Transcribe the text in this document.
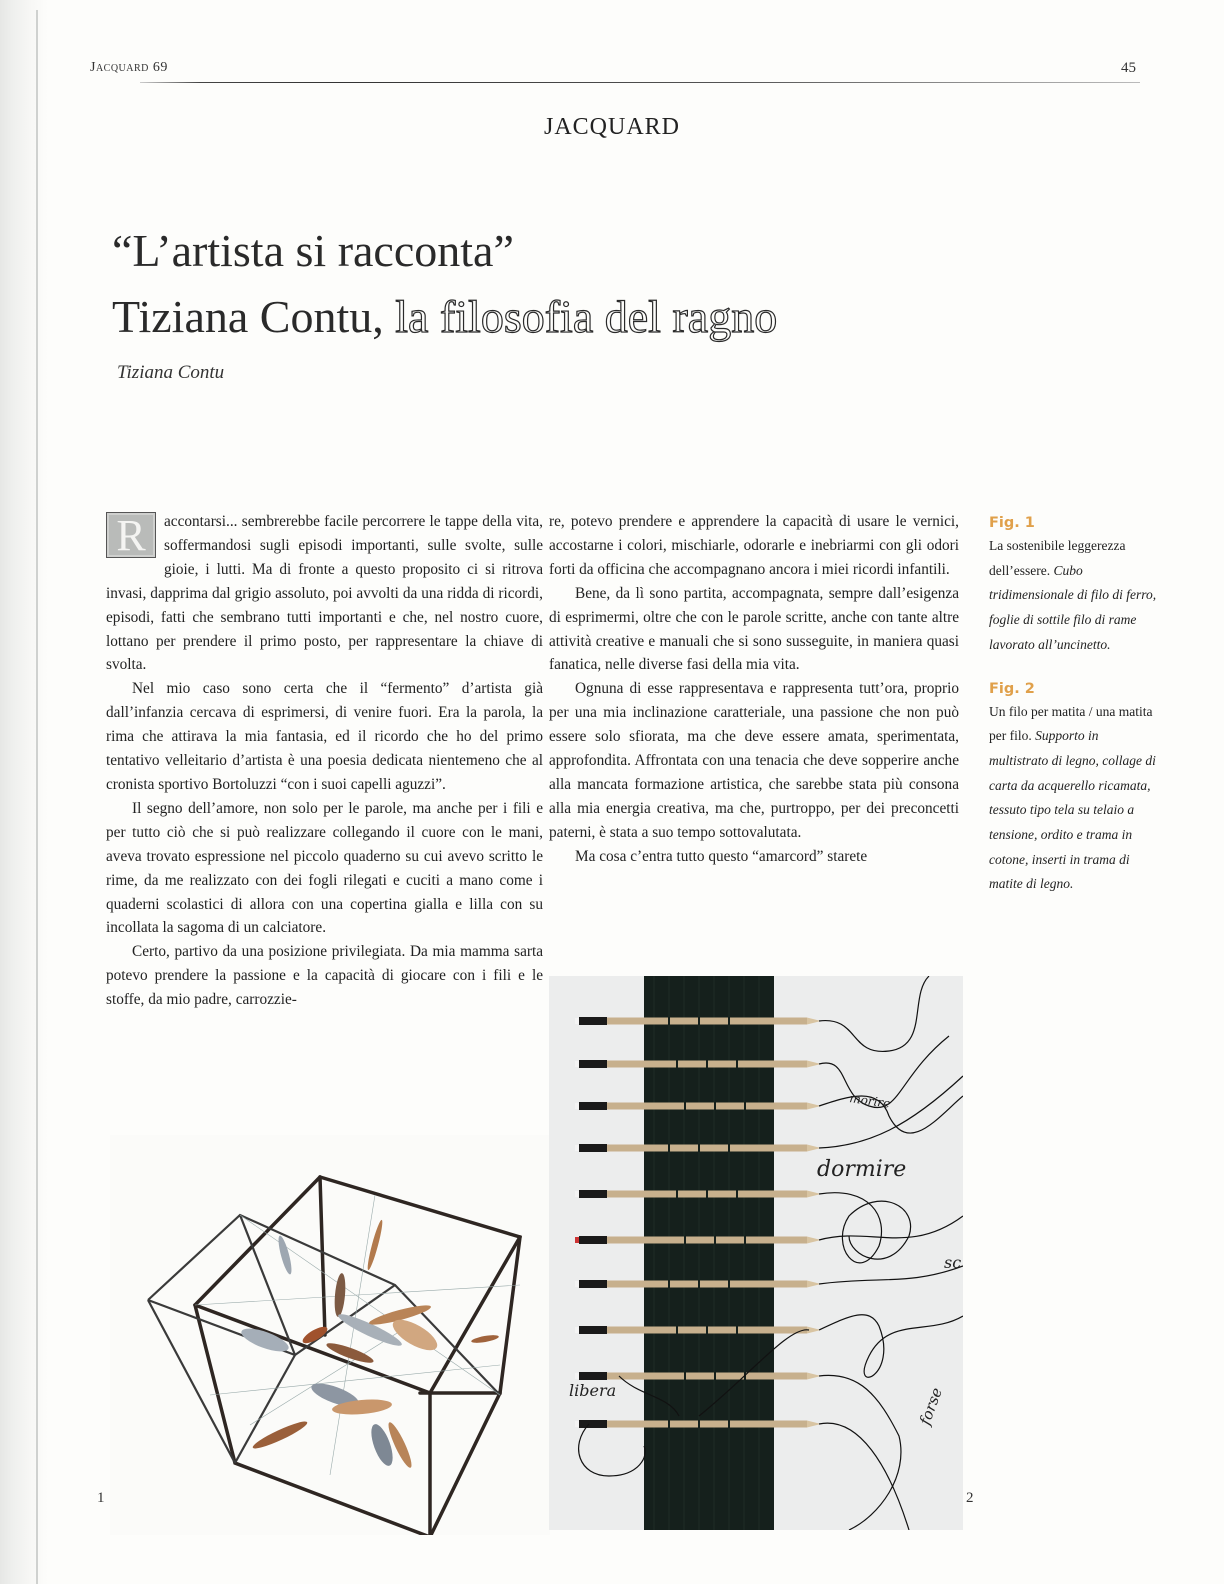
Jacquard 69	45
JACQUARD
“L’artista si racconta”
Tiziana Contu, la filosofia del ragno
Tiziana Contu

R	accontarsi... sembrerebbe facile percorrere le tappe della vita, soffermandosi sugli episodi importanti, sulle svolte, sulle gioie, i lutti. Ma di fronte a questo proposito ci si ritrova invasi, dapprima dal grigio assoluto, poi avvolti da una ridda di ricordi, episodi, fatti che sembrano tutti importanti e che, nel nostro cuore, lottano per prendere il primo posto, per rappresentare la chiave di svolta.

Nel mio caso sono certa che il “fermento” d’artista già dall’infanzia cercava di esprimersi, di venire fuori. Era la parola, la rima che attirava la mia fantasia, ed il ricordo che ho del primo tentativo velleitario d’artista è una poesia dedicata nientemeno che al cronista sportivo Bortoluzzi “con i suoi capelli aguzzi”.

Il segno dell’amore, non solo per le parole, ma anche per i fili e per tutto ciò che si può realizzare collegando il cuore con le mani, aveva trovato espressione nel piccolo quaderno su cui avevo scritto le rime, da me realizzato con dei fogli rilegati e cuciti a mano come i quaderni scolastici di allora con una copertina gialla e lilla con su incollata la sagoma di un calciatore.

Certo, partivo da una posizione privilegiata. Da mia mamma sarta potevo prendere la passione e la capacità di giocare con i fili e le stoffe, da mio padre, carrozzie-

re, potevo prendere e apprendere la capacità di usare le vernici, accostarne i colori, mischiarle, odorarle e inebriarmi con gli odori forti da officina che accompagnano ancora i miei ricordi infantili.

Bene, da lì sono partita, accompagnata, sempre dall’esigenza di esprimermi, oltre che con le parole scritte, anche con tante altre attività creative e manuali che si sono susseguite, in maniera quasi fanatica, nelle diverse fasi della mia vita.

Ognuna di esse rappresentava e rappresenta tutt’ora, proprio per una mia inclinazione caratteriale, una passione che non può essere solo sfiorata, ma che deve essere amata, sperimentata, approfondita. Affrontata con una tenacia che deve sopperire anche alla mancata formazione artistica, che sarebbe stata più consona alla mia energia creativa, ma che, purtroppo, per dei preconcetti paterni, è stata a suo tempo sottovalutata.

Ma cosa c’entra tutto questo “amarcord” starete

Fig. 1
La sostenibile leggerezza dell’essere. Cubo tridimensionale di filo di ferro, foglie di sottile filo di rame lavorato all’uncinetto.
Fig. 2
Un filo per matita / una matita per filo. Supporto in multistrato di legno, collage di carta da acquerello ricamata, tessuto tipo tela su telaio a tensione, ordito e trama in cotone, inserti in trama di matite di legno.
1
morire
dormire
sc
libera	forse
2
